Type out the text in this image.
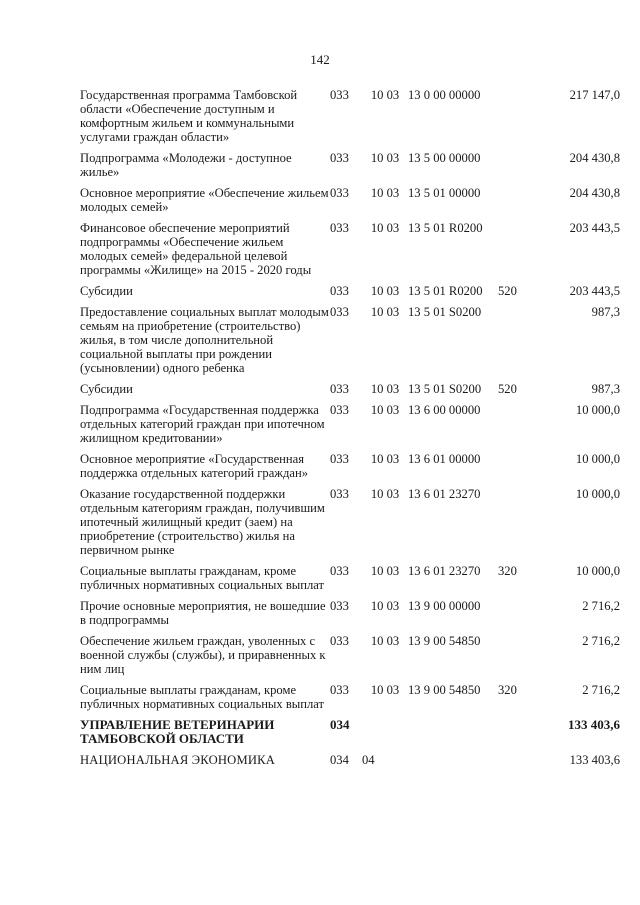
142
Государственная программа Тамбовской области «Обеспечение доступным и комфортным жильем и коммунальными услугами граждан области»	033	10 03	13 0 00 00000		217 147,0
Подпрограмма «Молодежи - доступное жилье»	033	10 03	13 5 00 00000		204 430,8
Основное мероприятие «Обеспечение жильем молодых семей»	033	10 03	13 5 01 00000		204 430,8
Финансовое обеспечение мероприятий подпрограммы «Обеспечение жильем молодых семей» федеральной целевой программы «Жилище» на 2015 - 2020 годы	033	10 03	13 5 01 R0200		203 443,5
Субсидии	033	10 03	13 5 01 R0200	520	203 443,5
Предоставление социальных выплат молодым семьям на приобретение (строительство) жилья, в том числе дополнительной социальной выплаты при рождении (усыновлении) одного ребенка	033	10 03	13 5 01 S0200		987,3
Субсидии	033	10 03	13 5 01 S0200	520	987,3
Подпрограмма «Государственная поддержка отдельных категорий граждан при ипотечном жилищном кредитовании»	033	10 03	13 6 00 00000		10 000,0
Основное мероприятие «Государственная поддержка отдельных категорий граждан»	033	10 03	13 6 01 00000		10 000,0
Оказание государственной поддержки отдельным категориям граждан, получившим ипотечный жилищный кредит (заем) на приобретение (строительство) жилья на первичном рынке	033	10 03	13 6 01 23270		10 000,0
Социальные выплаты гражданам, кроме публичных нормативных социальных выплат	033	10 03	13 6 01 23270	320	10 000,0
Прочие основные мероприятия, не вошедшие в подпрограммы	033	10 03	13 9 00 00000		2 716,2
Обеспечение жильем граждан, уволенных с военной службы (службы), и приравненных к ним лиц	033	10 03	13 9 00 54850		2 716,2
Социальные выплаты гражданам, кроме публичных нормативных социальных выплат	033	10 03	13 9 00 54850	320	2 716,2
УПРАВЛЕНИЕ ВЕТЕРИНАРИИ ТАМБОВСКОЙ ОБЛАСТИ	034				133 403,6
НАЦИОНАЛЬНАЯ ЭКОНОМИКА	034	04			133 403,6
